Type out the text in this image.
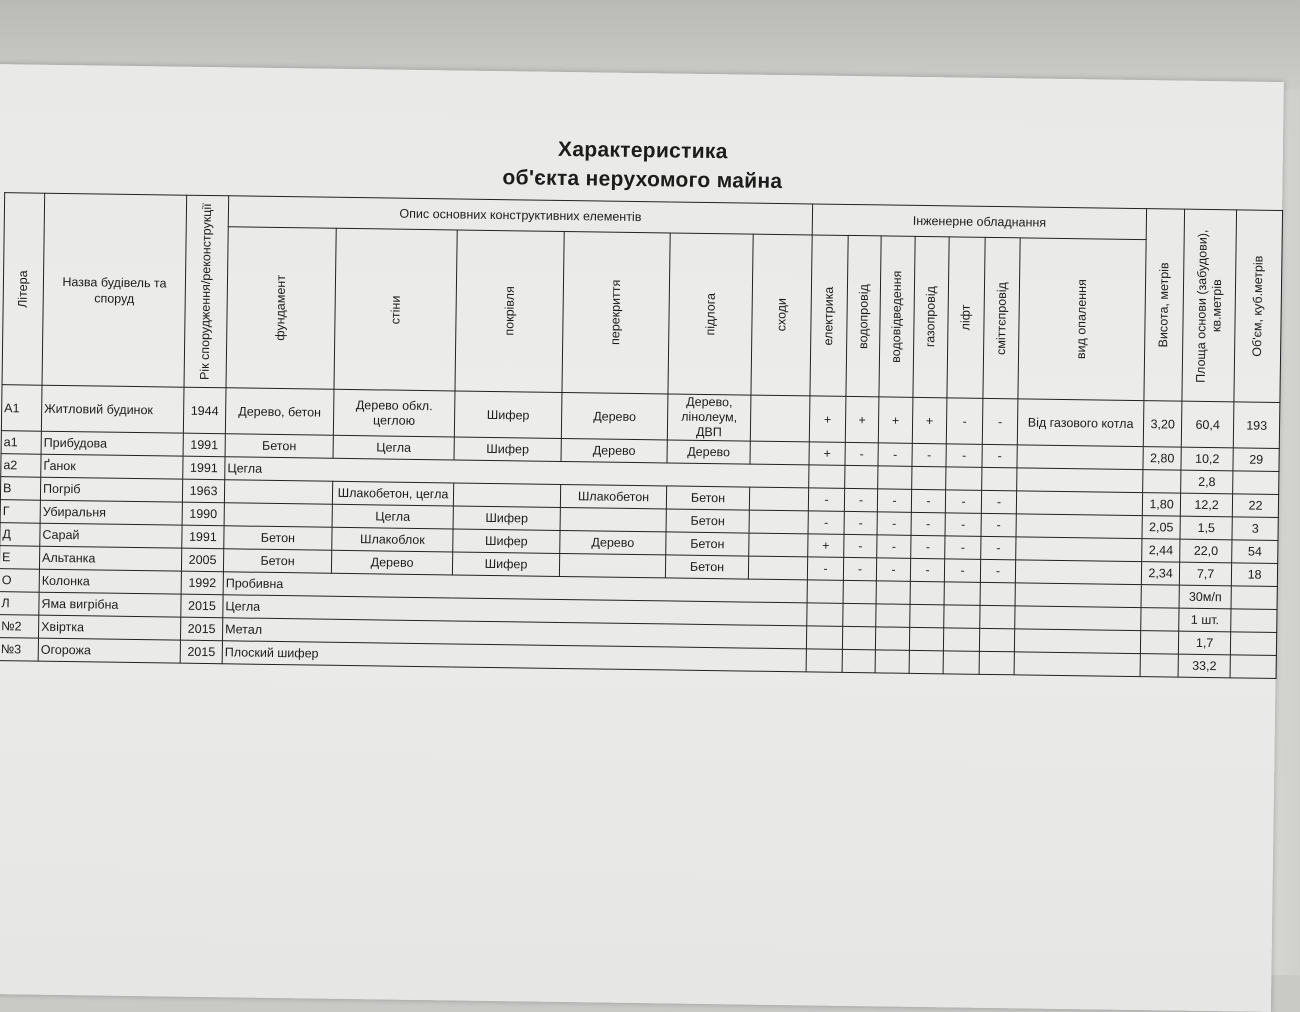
Характеристика
об'єкта нерухомого майна
Літера	Назва будівель та споруд	Рік спорудження/реконструкції	Опис основних конструктивних елементів						Інженерне обладнання							Висота, метрів	Площа основи (забудови), кв.метрів	Об'єм, куб.метрів

			фундамент	стіни	покрівля	перекриття	підлога	сходи	електрика	водопровід	водовідведення	газопровід	ліфт	сміттєпровід	вид опалення			

А1	Житловий будинок	1944	Дерево, бетон	Дерево обкл. цеглою	Шифер	Дерево	Дерево, лінолеум, ДВП		+	+	+	+	-	-	Від газового котла	3,20	60,4	193
а1	Прибудова	1991	Бетон	Цегла	Шифер	Дерево	Дерево		+	-	-	-	-	-		2,80	10,2	29
а2	Ґанок	1991	Цегла														2,8	
В	Погріб	1963		Шлакобетон, цегла		Шлакобетон	Бетон		-	-	-	-	-	-		1,80	12,2	22
Г	Убиральня	1990		Цегла	Шифер		Бетон		-	-	-	-	-	-		2,05	1,5	3
Д	Сарай	1991	Бетон	Шлакоблок	Шифер	Дерево	Бетон		+	-	-	-	-	-		2,44	22,0	54
Е	Альтанка	2005	Бетон	Дерево	Шифер		Бетон		-	-	-	-	-	-		2,34	7,7	18
О	Колонка	1992	Пробивна														30м/п	
Л	Яма вигрібна	2015	Цегла														1 шт.	
№2	Хвіртка	2015	Метал														1,7	
№3	Огорожа	2015	Плоский шифер														33,2	
